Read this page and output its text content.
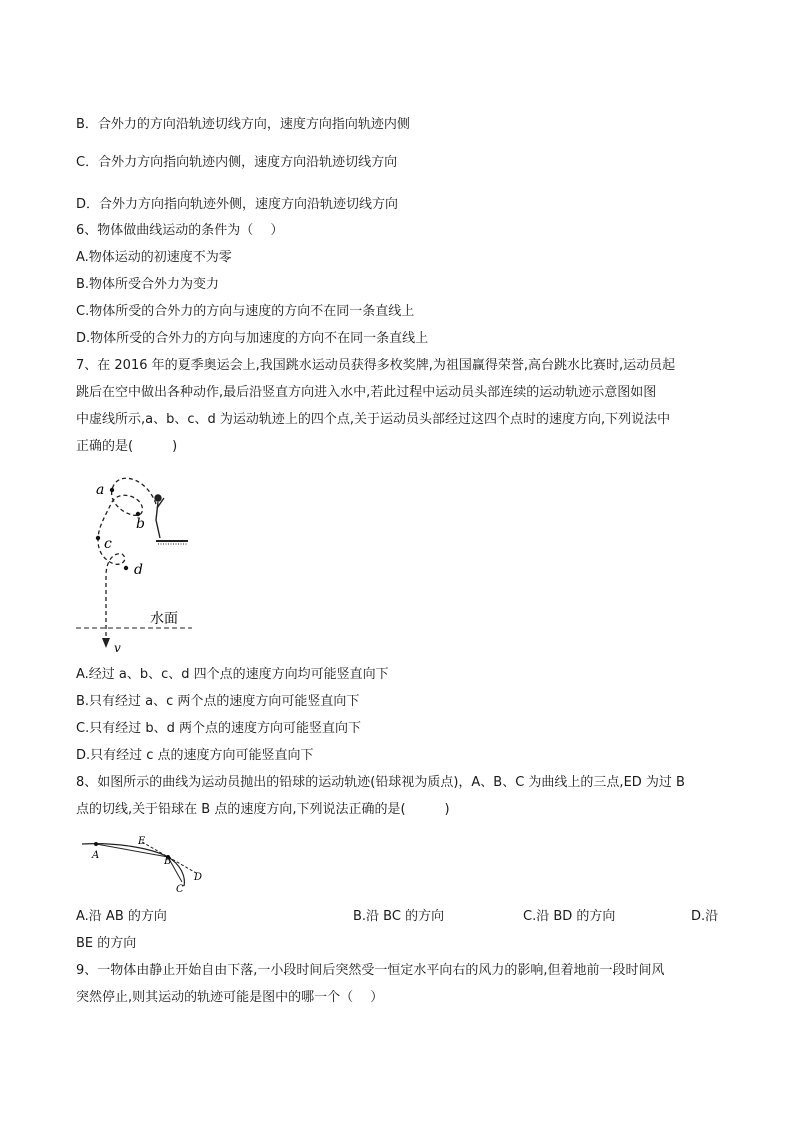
B．合外力的方向沿轨迹切线方向，速度方向指向轨迹内侧
C．合外力方向指向轨迹内侧，速度方向沿轨迹切线方向
D．合外力方向指向轨迹外侧，速度方向沿轨迹切线方向
6、物体做曲线运动的条件为（　 ）
A.物体运动的初速度不为零
B.物体所受合外力为变力
C.物体所受的合外力的方向与速度的方向不在同一条直线上
D.物体所受的合外力的方向与加速度的方向不在同一条直线上
7、在 2016 年的夏季奥运会上,我国跳水运动员获得多枚奖牌,为祖国赢得荣誉,高台跳水比赛时,运动员起
跳后在空中做出各种动作,最后沿竖直方向进入水中,若此过程中运动员头部连续的运动轨迹示意图如图
中虚线所示,a、b、c、d 为运动轨迹上的四个点,关于运动员头部经过这四个点时的速度方向,下列说法中
正确的是(　　　)
a
b
c
d
水面
v
A.经过 a、b、c、d 四个点的速度方向均可能竖直向下
B.只有经过 a、c 两个点的速度方向可能竖直向下
C.只有经过 b、d 两个点的速度方向可能竖直向下
D.只有经过 c 点的速度方向可能竖直向下
8、如图所示的曲线为运动员抛出的铅球的运动轨迹(铅球视为质点)，A、B、C 为曲线上的三点,ED 为过 B
点的切线,关于铅球在 B 点的速度方向,下列说法正确的是(　　　)
A
E
B
D
C
A.沿 AB 的方向	B.沿 BC 的方向	C.沿 BD 的方向	D.沿
BE 的方向
9、一物体由静止开始自由下落,一小段时间后突然受一恒定水平向右的风力的影响,但着地前一段时间风
突然停止,则其运动的轨迹可能是图中的哪一个（　 ）
